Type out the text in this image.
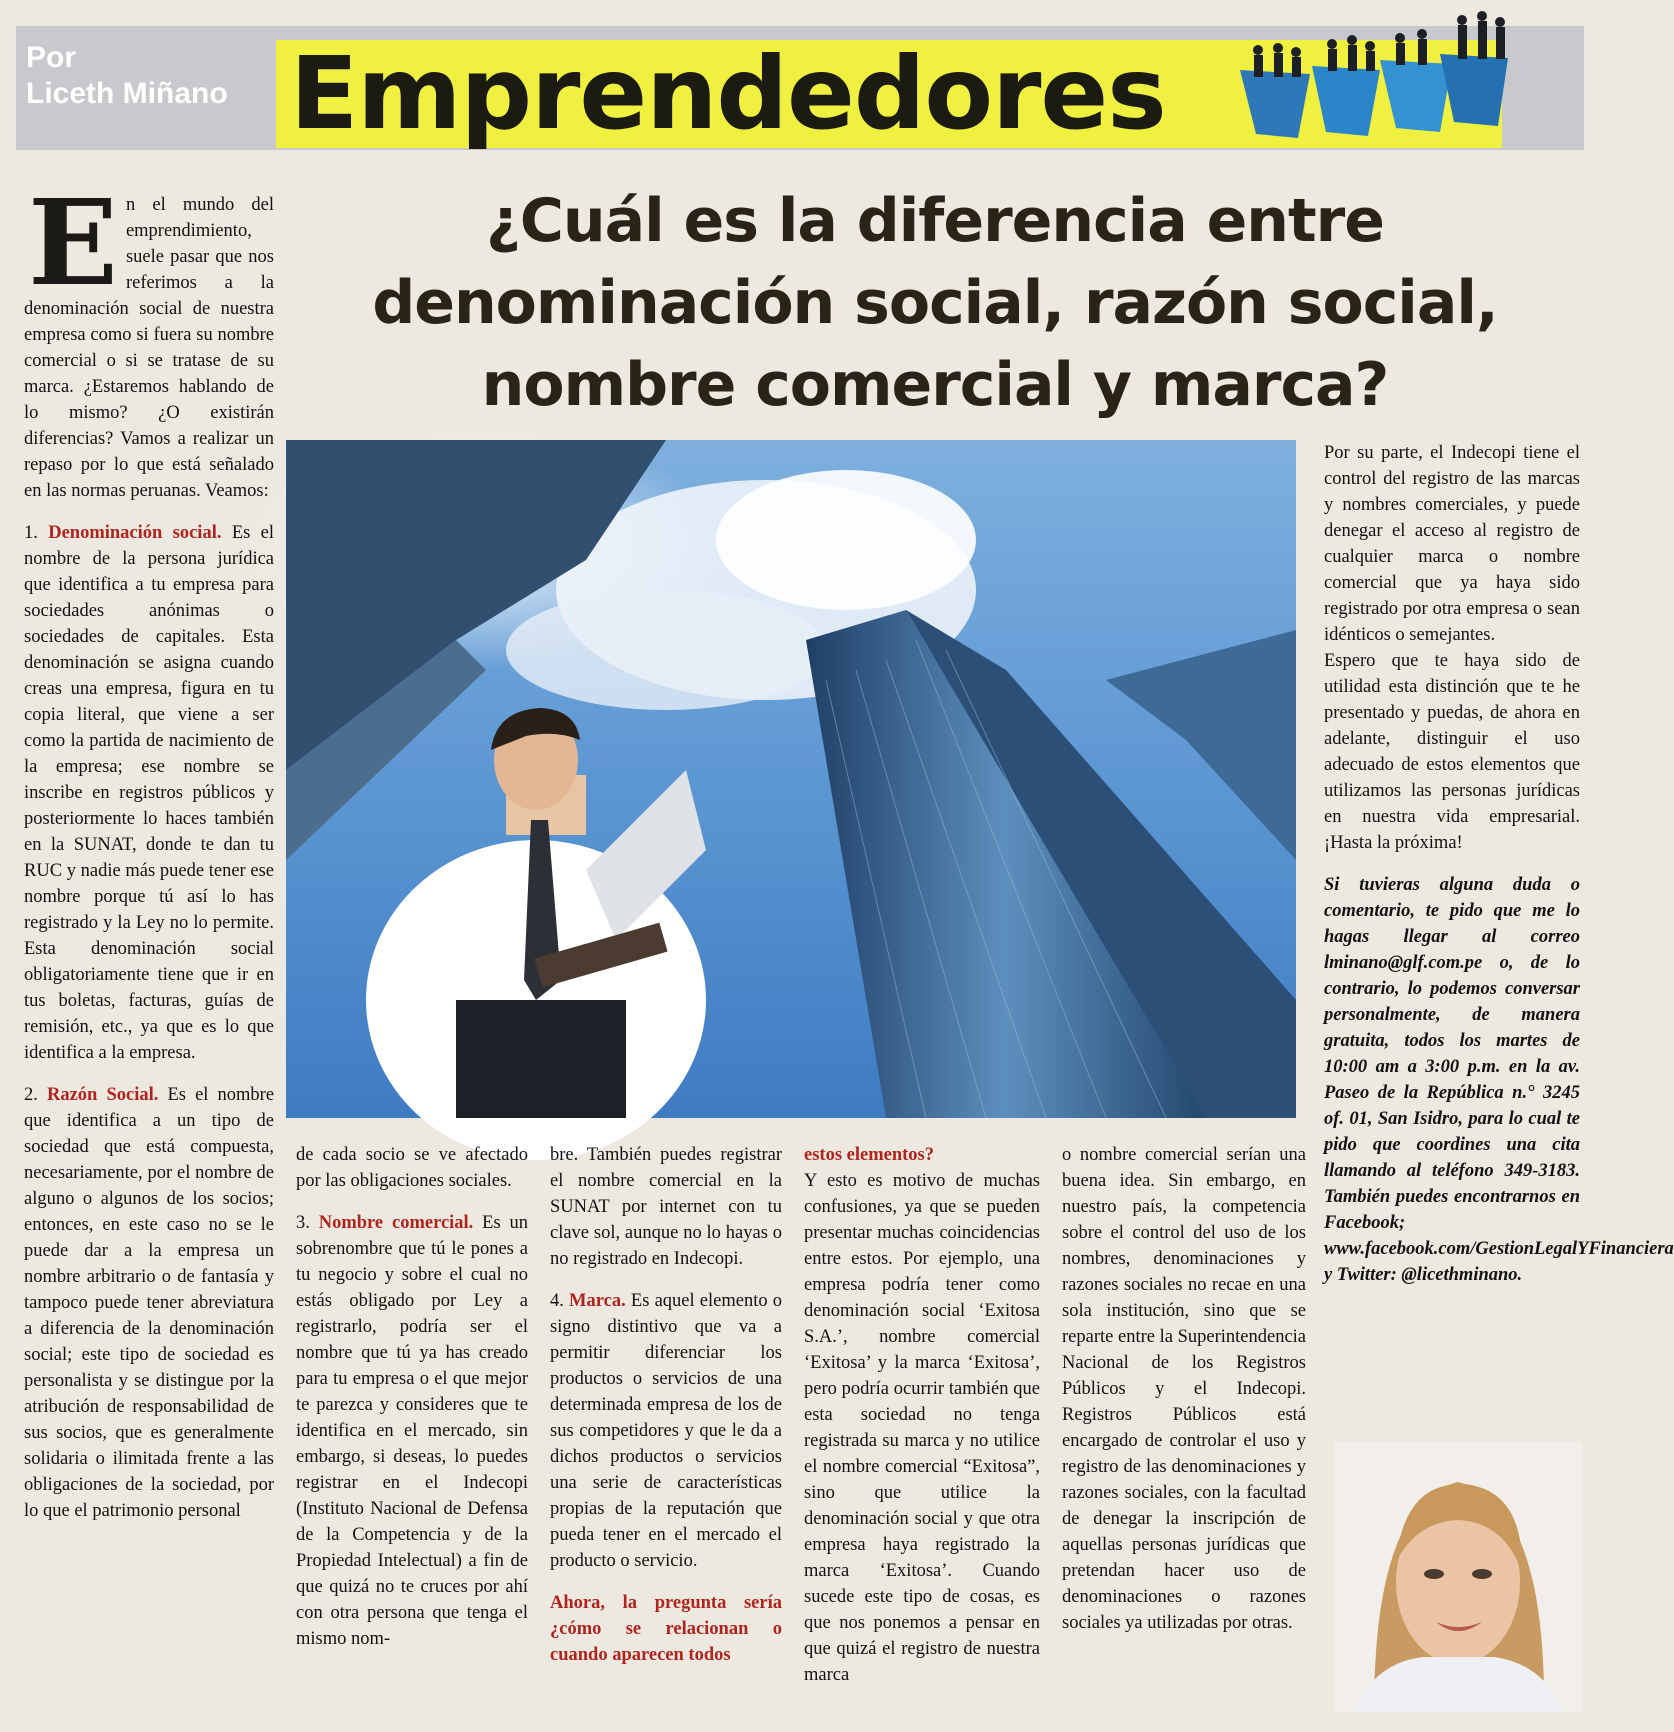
Por
Liceth Miñano Emprendedores
¿Cuál es la diferencia entre
denominación social, razón social,
nombre comercial y marca?

En el mundo del emprendimiento, suele pasar que nos referimos a la denominación social de nuestra empresa como si fuera su nombre comercial o si se tratase de su marca. ¿Estaremos hablando de lo mismo? ¿O existirán diferencias? Vamos a realizar un repaso por lo que está señalado en las normas peruanas. Veamos:

1. Denominación social. Es el nombre de la persona jurídica que identifica a tu empresa para sociedades anónimas o sociedades de capitales. Esta denominación se asigna cuando creas una empresa, figura en tu copia literal, que viene a ser como la partida de nacimiento de la empresa; ese nombre se inscribe en registros públicos y posteriormente lo haces también en la SUNAT, donde te dan tu RUC y nadie más puede tener ese nombre porque tú así lo has registrado y la Ley no lo permite. Esta denominación social obligatoriamente tiene que ir en tus boletas, facturas, guías de remisión, etc., ya que es lo que identifica a la empresa.

2. Razón Social. Es el nombre que identifica a un tipo de sociedad que está compuesta, necesariamente, por el nombre de alguno o algunos de los socios; entonces, en este caso no se le puede dar a la empresa un nombre arbitrario o de fantasía y tampoco puede tener abreviatura a diferencia de la denominación social; este tipo de sociedad es personalista y se distingue por la atribución de responsabilidad de sus socios, que es generalmente solidaria o ilimitada frente a las obligaciones de la sociedad, por lo que el patrimonio personal

de cada socio se ve afectado por las obligaciones sociales.

3. Nombre comercial. Es un sobrenombre que tú le pones a tu negocio y sobre el cual no estás obligado por Ley a registrarlo, podría ser el nombre que tú ya has creado para tu empresa o el que mejor te parezca y consideres que te identifica en el mercado, sin embargo, si deseas, lo puedes registrar en el Indecopi (Instituto Nacional de Defensa de la Competencia y de la Propiedad Intelectual) a fin de que quizá no te cruces por ahí con otra persona que tenga el mismo nom-

bre. También puedes registrar el nombre comercial en la SUNAT por internet con tu clave sol, aunque no lo hayas o no registrado en Indecopi.

4. Marca. Es aquel elemento o signo distintivo que va a permitir diferenciar los productos o servicios de una determinada empresa de los de sus competidores y que le da a dichos productos o servicios una serie de características propias de la reputación que pueda tener en el mercado el producto o servicio.

Ahora, la pregunta sería ¿cómo se relacionan o cuando aparecen todos

estos elementos?

Y esto es motivo de muchas confusiones, ya que se pueden presentar muchas coincidencias entre estos. Por ejemplo, una empresa podría tener como denominación social ‘Exitosa S.A.’, nombre comercial ‘Exitosa’ y la marca ‘Exitosa’, pero podría ocurrir también que esta sociedad no tenga registrada su marca y no utilice el nombre comercial “Exitosa”, sino que utilice la denominación social y que otra empresa haya registrado la marca ‘Exitosa’. Cuando sucede este tipo de cosas, es que nos ponemos a pensar en que quizá el registro de nuestra marca

o nombre comercial serían una buena idea. Sin embargo, en nuestro país, la competencia sobre el control del uso de los nombres, denominaciones y razones sociales no recae en una sola institución, sino que se reparte entre la Superintendencia Nacional de los Registros Públicos y el Indecopi. Registros Públicos está encargado de controlar el uso y registro de las denominaciones y razones sociales, con la facultad de denegar la inscripción de aquellas personas jurídicas que pretendan hacer uso de denominaciones o razones sociales ya utilizadas por otras.

Por su parte, el Indecopi tiene el control del registro de las marcas y nombres comerciales, y puede denegar el acceso al registro de cualquier marca o nombre comercial que ya haya sido registrado por otra empresa o sean idénticos o semejantes.

Espero que te haya sido de utilidad esta distinción que te he presentado y puedas, de ahora en adelante, distinguir el uso adecuado de estos elementos que utilizamos las personas jurídicas en nuestra vida empresarial. ¡Hasta la próxima!

Si tuvieras alguna duda o comentario, te pido que me lo hagas llegar al correo lminano@glf.com.pe o, de lo contrario, lo podemos conversar personalmente, de manera gratuita, todos los martes de 10:00 am a 3:00 p.m. en la av. Paseo de la República n.° 3245 of. 01, San Isidro, para lo cual te pido que coordines una cita llamando al teléfono 349-3183. También puedes encontrarnos en Facebook; www.facebook.com/GestionLegalYFinanciera y Twitter: @licethminano.
